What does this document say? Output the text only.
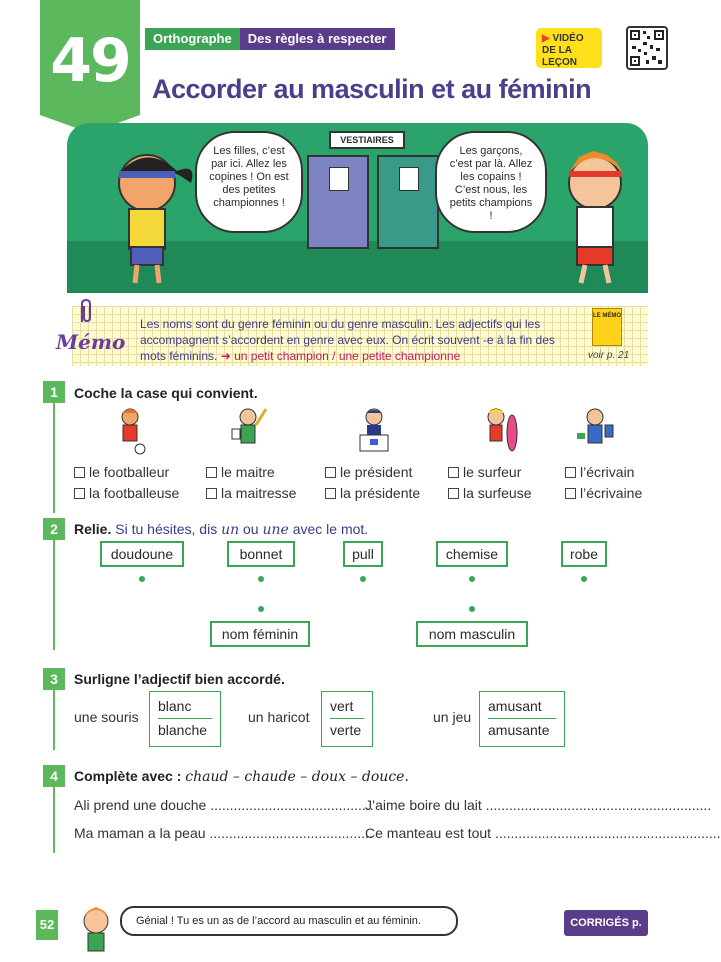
49	Orthographe	Des règles à respecter
Accorder au masculin et au féminin
▶ VIDÉO
DE LA LEÇON
VESTIAIRES
Les filles, c’est par ici. Allez les copines ! On est des petites championnes !
Les garçons, c’est par là. Allez les copains ! C’est nous, les petits champions !
Mémo
Les noms sont du genre féminin ou du genre masculin. Les adjectifs qui les accompagnent s’accordent en genre avec eux. On écrit souvent -e à la fin des mots féminins. ➜ un petit champion / une petite championne
LE MÉMO
voir p. 21
1	Coche la case qui convient.
le footballeur
la footballeuse
le maitre
la maitresse
le président
la présidente
le surfeur
la surfeuse
l’écrivain
l’écrivaine
2	Relie. Si tu hésites, dis un ou une avec le mot.
doudoune	bonnet	pull	chemise	robe
nom féminin	nom masculin
3	Surligne l’adjectif bien accordé.
une souris
blanc
blanche
un haricot
vert
verte
un jeu
amusant
amusante
4	Complète avec : chaud – chaude – doux – douce.
Ali prend une douche ..........................................
J’aime boire du lait ..........................................................
Ma maman a la peau ..........................................
Ce manteau est tout ..........................................................
52	Génial ! Tu es un as de l’accord au masculin et au féminin.	CORRIGÉS p. VI
